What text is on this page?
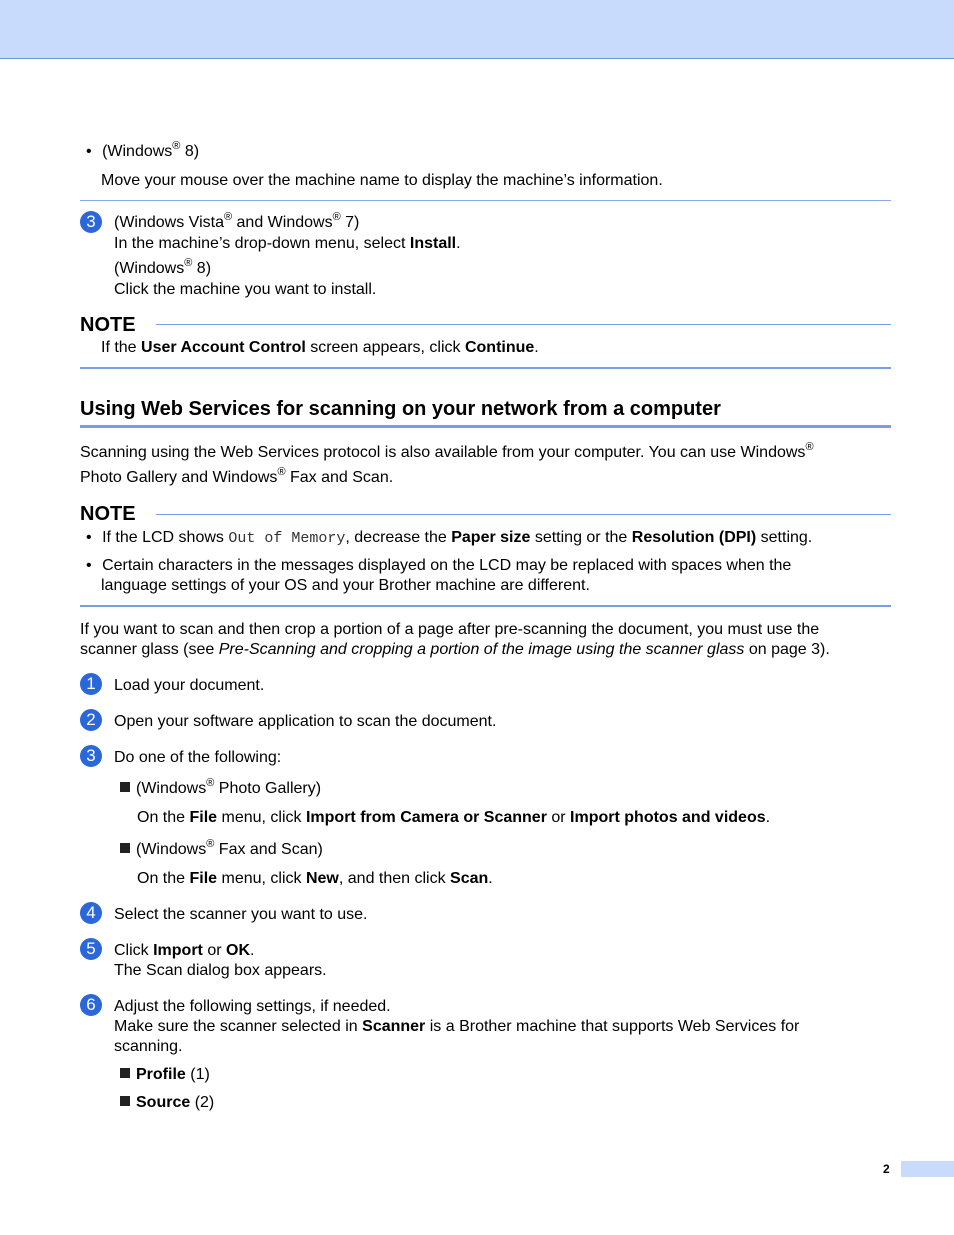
• (Windows® 8)
Move your mouse over the machine name to display the machine’s information.
3	(Windows Vista® and Windows® 7)
In the machine’s drop-down menu, select Install.
(Windows® 8)
Click the machine you want to install.
NOTE
If the User Account Control screen appears, click Continue.
Using Web Services for scanning on your network from a computer
Scanning using the Web Services protocol is also available from your computer. You can use Windows®
Photo Gallery and Windows® Fax and Scan.
NOTE
• If the LCD shows Out of Memory, decrease the Paper size setting or the Resolution (DPI) setting.
• Certain characters in the messages displayed on the LCD may be replaced with spaces when the
language settings of your OS and your Brother machine are different.
If you want to scan and then crop a portion of a page after pre-scanning the document, you must use the
scanner glass (see Pre-Scanning and cropping a portion of the image using the scanner glass on page 3).
1	Load your document.
2	Open your software application to scan the document.
3	Do one of the following:
(Windows® Photo Gallery)
On the File menu, click Import from Camera or Scanner or Import photos and videos.
(Windows® Fax and Scan)
On the File menu, click New, and then click Scan.
4	Select the scanner you want to use.
5	Click Import or OK.
The Scan dialog box appears.
6	Adjust the following settings, if needed.
Make sure the scanner selected in Scanner is a Brother machine that supports Web Services for
scanning.
Profile (1)
Source (2)
2
